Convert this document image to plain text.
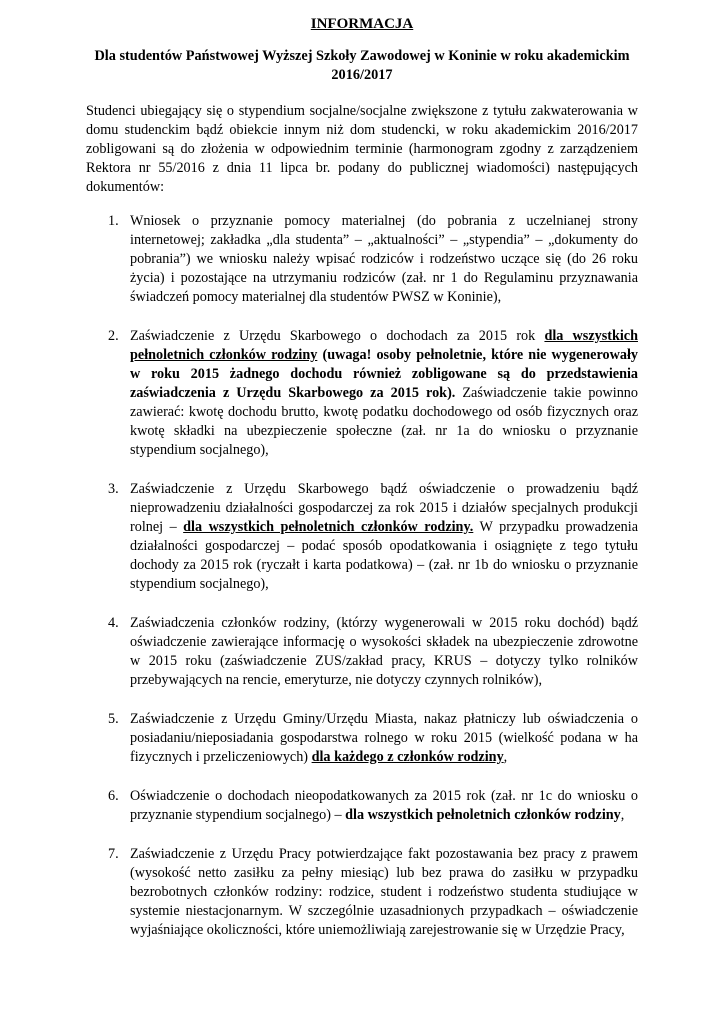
INFORMACJA

Dla studentów Państwowej Wyższej Szkoły Zawodowej w Koninie w roku akademickim 2016/2017

Studenci ubiegający się o stypendium socjalne/socjalne zwiększone z tytułu zakwaterowania w domu studenckim bądź obiekcie innym niż dom studencki, w roku akademickim 2016/2017 zobligowani są do złożenia w odpowiednim terminie (harmonogram zgodny z zarządzeniem Rektora nr 55/2016 z dnia 11 lipca br. podany do publicznej wiadomości) następujących dokumentów:

1. Wniosek o przyznanie pomocy materialnej (do pobrania z uczelnianej strony internetowej; zakładka „dla studenta” – „aktualności” – „stypendia” – „dokumenty do pobrania”) we wniosku należy wpisać rodziców i rodzeństwo uczące się (do 26 roku życia) i pozostające na utrzymaniu rodziców (zał. nr 1 do Regulaminu przyznawania świadczeń pomocy materialnej dla studentów PWSZ w Koninie),
2. Zaświadczenie z Urzędu Skarbowego o dochodach za 2015 rok dla wszystkich pełnoletnich członków rodziny (uwaga! osoby pełnoletnie, które nie wygenerowały w roku 2015 żadnego dochodu również zobligowane są do przedstawienia zaświadczenia z Urzędu Skarbowego za 2015 rok). Zaświadczenie takie powinno zawierać: kwotę dochodu brutto, kwotę podatku dochodowego od osób fizycznych oraz kwotę składki na ubezpieczenie społeczne (zał. nr 1a do wniosku o przyznanie stypendium socjalnego),
3. Zaświadczenie z Urzędu Skarbowego bądź oświadczenie o prowadzeniu bądź nieprowadzeniu działalności gospodarczej za rok 2015 i działów specjalnych produkcji rolnej – dla wszystkich pełnoletnich członków rodziny. W przypadku prowadzenia działalności gospodarczej – podać sposób opodatkowania i osiągnięte z tego tytułu dochody za 2015 rok (ryczałt i karta podatkowa) – (zał. nr 1b do wniosku o przyznanie stypendium socjalnego),
4. Zaświadczenia członków rodziny, (którzy wygenerowali w 2015 roku dochód) bądź oświadczenie zawierające informację o wysokości składek na ubezpieczenie zdrowotne w 2015 roku (zaświadczenie ZUS/zakład pracy, KRUS – dotyczy tylko rolników przebywających na rencie, emeryturze, nie dotyczy czynnych rolników),
5. Zaświadczenie z Urzędu Gminy/Urzędu Miasta, nakaz płatniczy lub oświadczenia o posiadaniu/nieposiadania gospodarstwa rolnego w roku 2015 (wielkość podana w ha fizycznych i przeliczeniowych) dla każdego z członków rodziny,
6. Oświadczenie o dochodach nieopodatkowanych za 2015 rok (zał. nr 1c do wniosku o przyznanie stypendium socjalnego) – dla wszystkich pełnoletnich członków rodziny,
7. Zaświadczenie z Urzędu Pracy potwierdzające fakt pozostawania bez pracy z prawem (wysokość netto zasiłku za pełny miesiąc) lub bez prawa do zasiłku w przypadku bezrobotnych członków rodziny: rodzice, student i rodzeństwo studenta studiujące w systemie niestacjonarnym. W szczególnie uzasadnionych przypadkach – oświadczenie wyjaśniające okoliczności, które uniemożliwiają zarejestrowanie się w Urzędzie Pracy,
